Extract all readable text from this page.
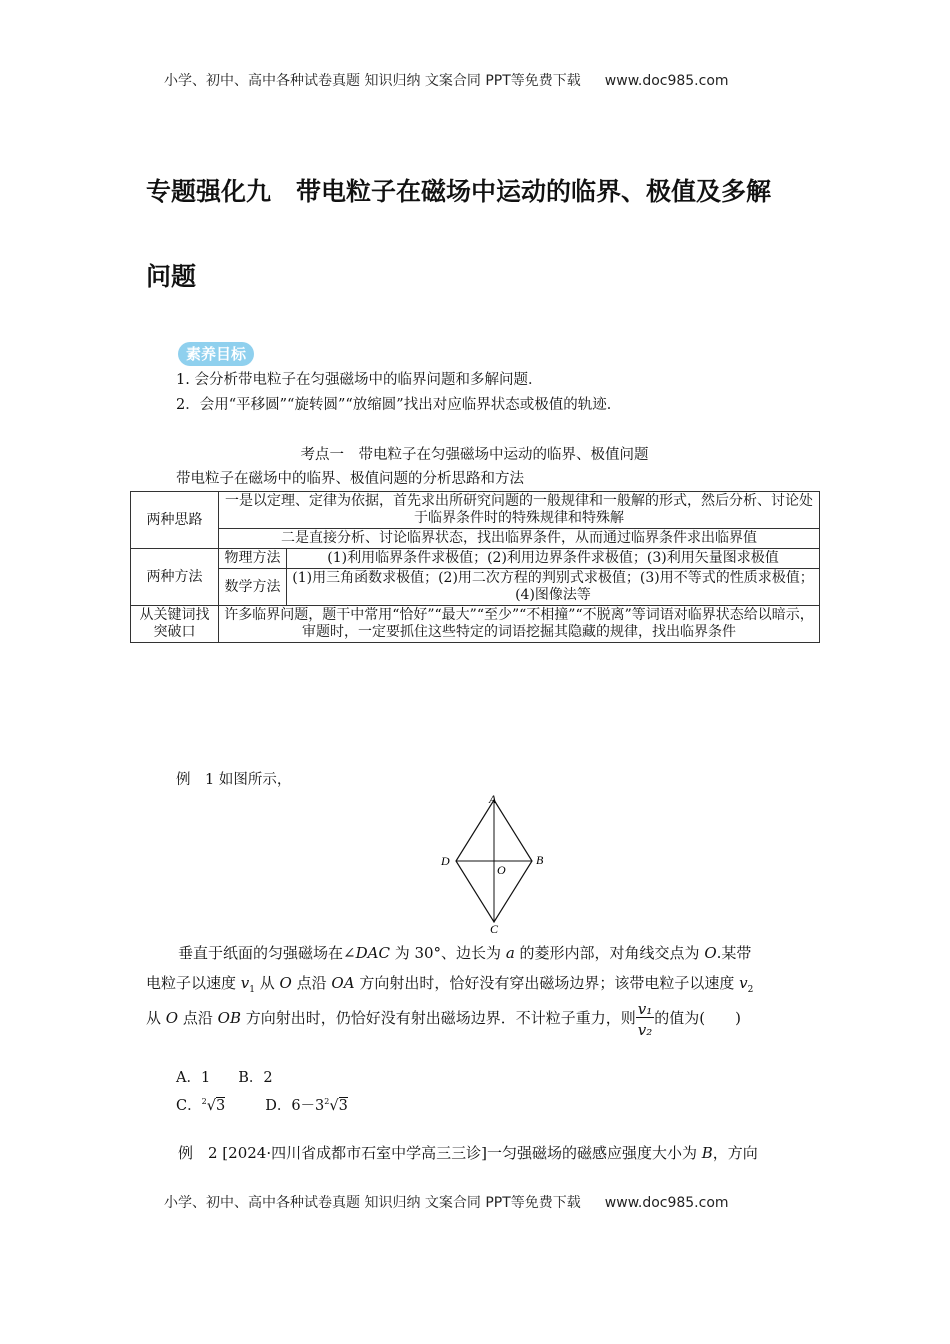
小学、初中、高中各种试卷真题 知识归纳 文案合同 PPT等免费下载 www.doc985.com
专题强化九　带电粒子在磁场中运动的临界、极值及多解
问题
素养目标
1. 会分析带电粒子在匀强磁场中的临界问题和多解问题．
2．会用“平移圆”“旋转圆”“放缩圆”找出对应临界状态或极值的轨迹．
考点一　带电粒子在匀强磁场中运动的临界、极值问题
带电粒子在磁场中的临界、极值问题的分析思路和方法
两种思路	一是以定理、定律为依据，首先求出所研究问题的一般规律和一般解的形式，然后分析、讨论处于临界条件时的特殊规律和特殊解	
	二是直接分析、讨论临界状态，找出临界条件，从而通过临界条件求出临界值	
两种方法	物理方法	(1)利用临界条件求极值；(2)利用边界条件求极值；(3)利用矢量图求极值
	数学方法	(1)用三角函数求极值；(2)用二次方程的判别式求极值；(3)用不等式的性质求极值；(4)图像法等
从关键词找突破口	许多临界问题，题干中常用“恰好”“最大”“至少”“不相撞”“不脱离”等词语对临界状态给以暗示，审题时，一定要抓住这些特定的词语挖掘其隐藏的规律，找出临界条件	
例　1 如图所示，
A
B
C
D
O
垂直于纸面的匀强磁场在∠DAC 为 30°、边长为 a 的菱形内部，对角线交点为 O.某带
电粒子以速度 $v_1$ 从 O 点沿 OA 方向射出时，恰好没有穿出磁场边界；该带电粒子以速度 $v_2$
从 O 点沿 OB 方向射出时，仍恰好没有射出磁场边界．不计粒子重力，则 $\frac{\text{v₁}}{\text{v₂}}$ 的值为(　　)
A．1 B．2
C．$^2$√3	D．$6-3^2√3$
例　2 [2024·四川省成都市石室中学高三三诊]一匀强磁场的磁感应强度大小为 B，方向
小学、初中、高中各种试卷真题 知识归纳 文案合同 PPT等免费下载 www.doc985.com
